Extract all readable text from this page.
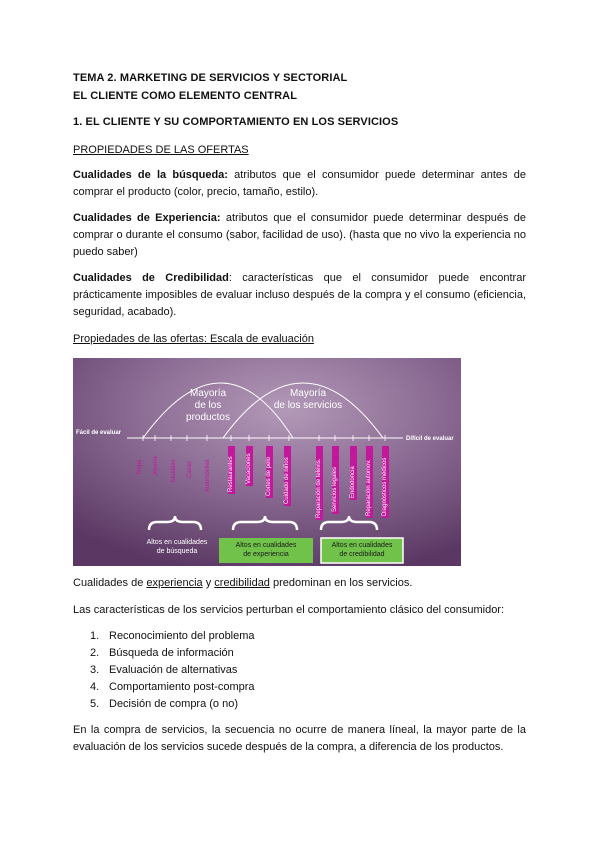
TEMA 2. MARKETING DE SERVICIOS Y SECTORIAL
EL CLIENTE COMO ELEMENTO CENTRAL
1. EL CLIENTE Y SU COMPORTAMIENTO EN LOS SERVICIOS
PROPIEDADES DE LAS OFERTAS
Cualidades de la búsqueda: atributos que el consumidor puede determinar antes de comprar el producto (color, precio, tamaño, estilo).
Cualidades de Experiencia: atributos que el consumidor puede determinar después de comprar o durante el consumo (sabor, facilidad de uso). (hasta que no vivo la experiencia no puedo saber)
Cualidades de Credibilidad: características que el consumidor puede encontrar prácticamente imposibles de evaluar incluso después de la compra y el consumo (eficiencia, seguridad, acabado).
Propiedades de las ofertas: Escala de evaluación
Mayoría
de los productos
Mayoría
de los servicios
Fácil de evaluar
Difícil de evaluar
Ropa Joyería Muebles Casas Automóviles	Restaurantes Vacaciones Cortes de pelo Cuidado de niños	Reparación de televis. Servicios legales Endodoncia Reparación automov. Diagnósticos médicos
Altos en cualidades
de búsqueda
Altos en cualidades
de experiencia
Altos en cualidades
de credibilidad
Cualidades de experiencia y credibilidad predominan en los servicios.
Las características de los servicios perturban el comportamiento clásico del consumidor:
1. Reconocimiento del problema
2. Búsqueda de información
3. Evaluación de alternativas
4. Comportamiento post-compra
5. Decisión de compra (o no)
En la compra de servicios, la secuencia no ocurre de manera líneal, la mayor parte de la evaluación de los servicios sucede después de la compra, a diferencia de los productos.
